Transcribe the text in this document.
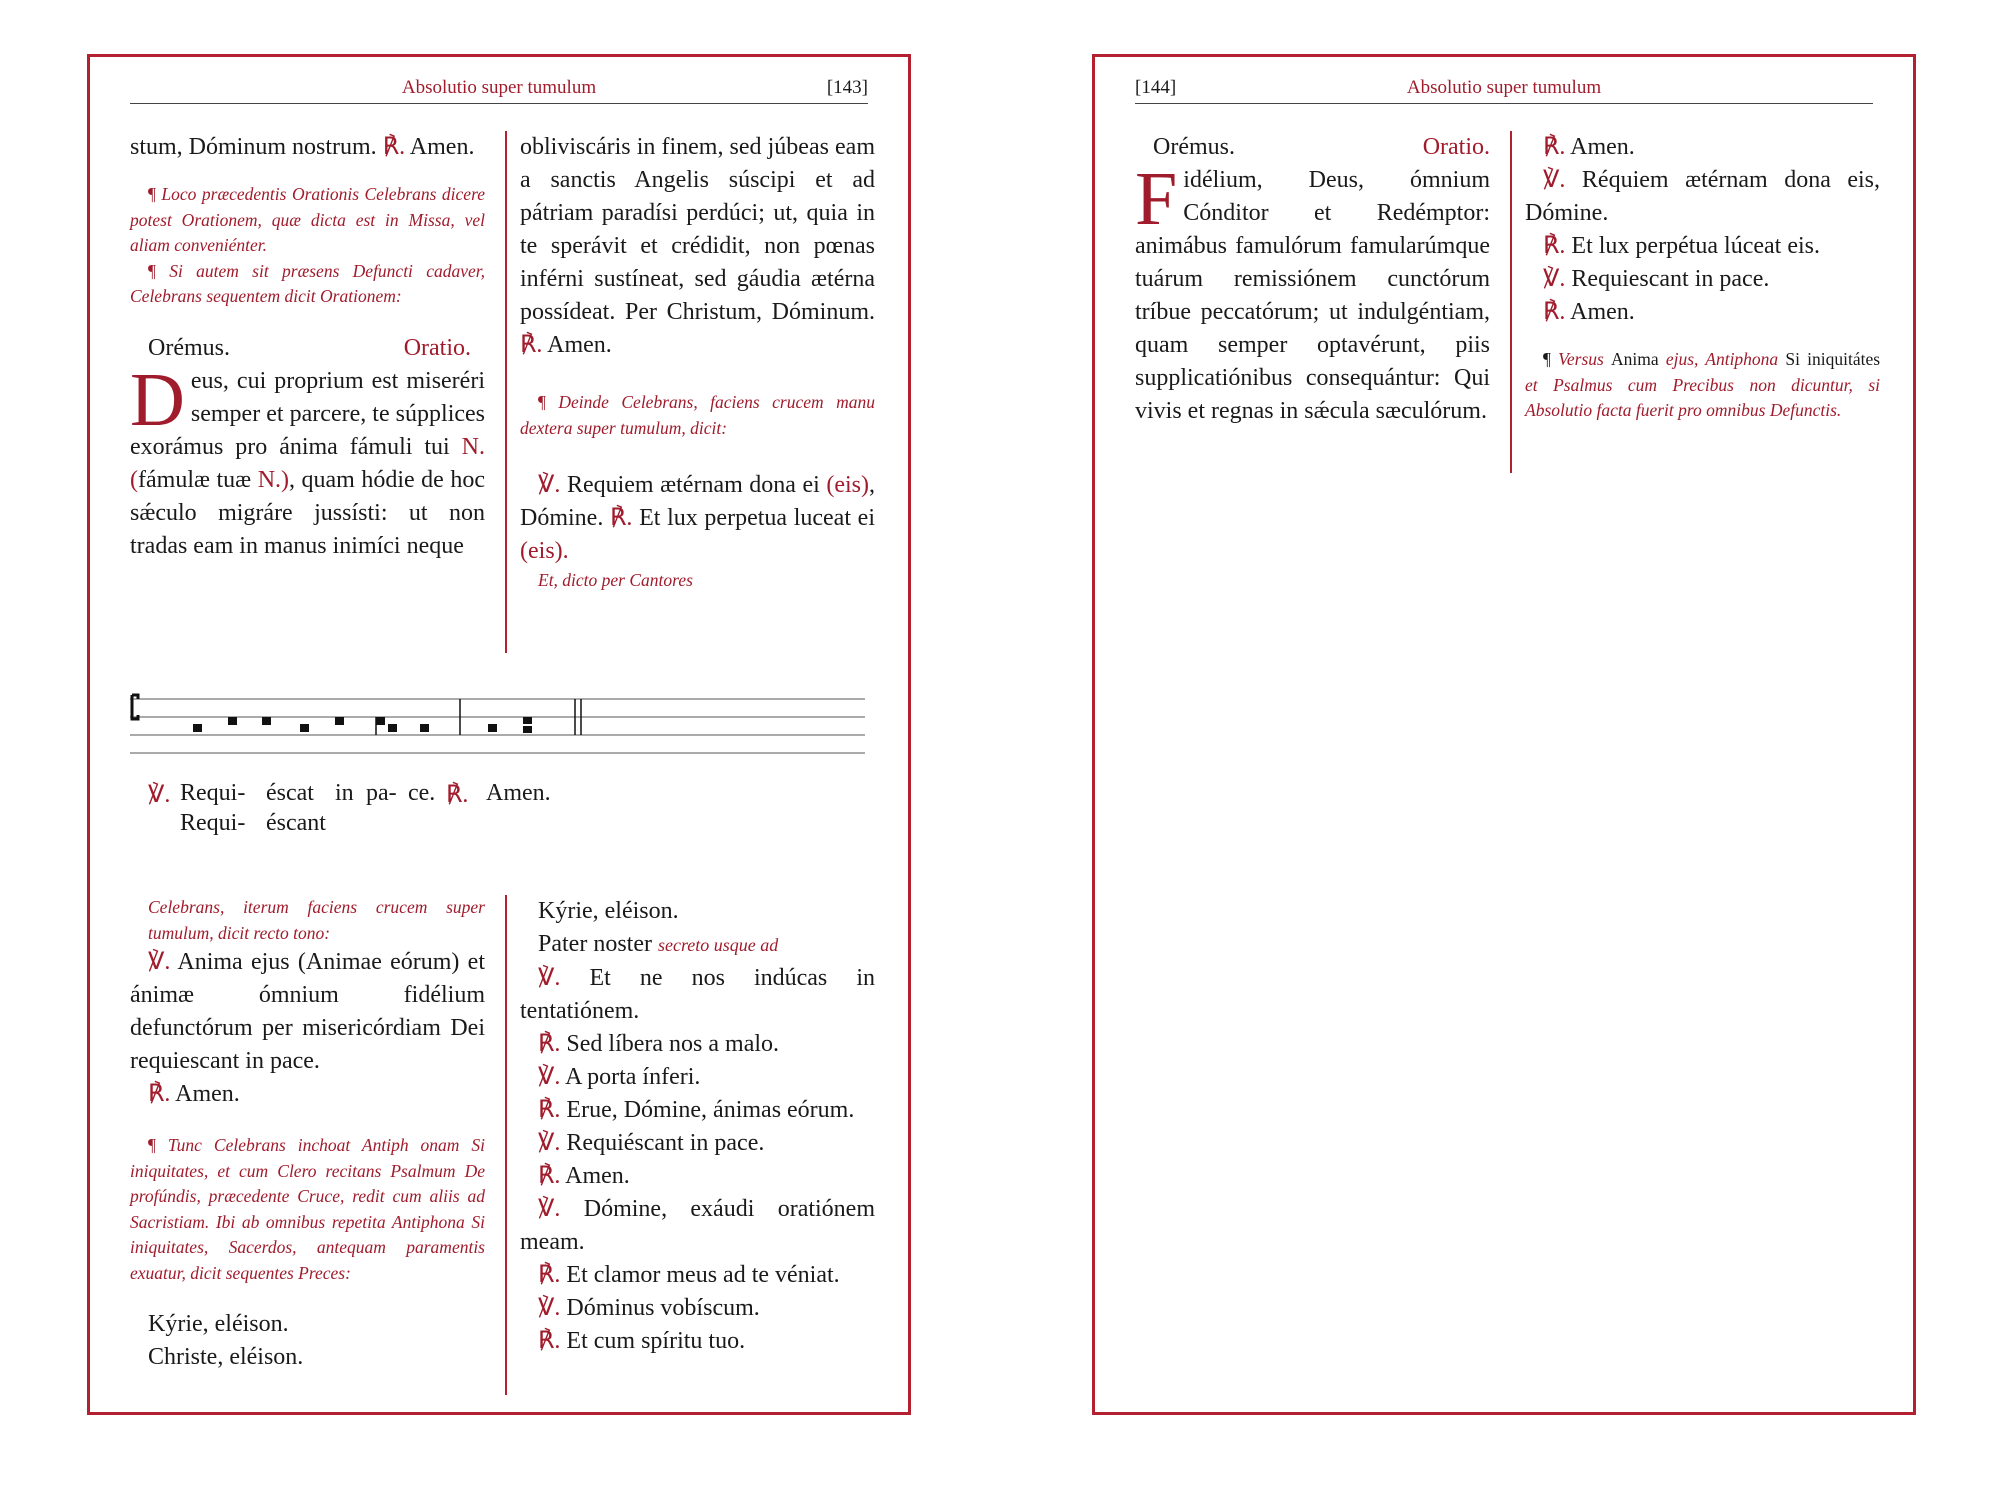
Absolutio super tumulum	[143]
stum, Dóminum nostrum. ℟. Amen.
¶ Loco præcedentis Orationis Celebrans dicere potest Orationem, quæ dicta est in Missa, vel aliam conveniénter.
¶ Si autem sit præsens Defuncti cadaver, Celebrans sequentem dicit Orationem:
Orémus.	Oratio.
Deus, cui proprium est miseréri semper et parcere, te súpplices exorámus pro ánima fámuli tui N. (fámulæ tuæ N.), quam hódie de hoc sǽculo migráre jussísti: ut non tradas eam in manus inimíci neque
obliviscáris in finem, sed júbeas eam a sanctis Angelis súscipi et ad pátriam paradísi perdúci; ut, quia in te sperávit et crédidit, non pœnas inférni sustíneat, sed gáudia ætérna possídeat. Per Christum, Dóminum. ℟. Amen.
¶ Deinde Celebrans, faciens crucem manu dextera super tumulum, dicit:
℣. Requiem ætérnam dona ei (eis), Dómine. ℟. Et lux perpetua luceat ei (eis).
Et, dicto per Cantores
℣. Requi- éscat in pa- ce. ℟. Amen.
Requi- éscant
Celebrans, iterum faciens crucem super tumulum, dicit recto tono:
℣. Anima ejus (Animae eórum) et ánimæ ómnium fidélium defunctórum per misericórdiam Dei requiescant in pace.
℟. Amen.
¶ Tunc Celebrans inchoat Antiph onam Si iniquitates, et cum Clero recitans Psalmum De profúndis, præcedente Cruce, redit cum aliis ad Sacristiam. Ibi ab omnibus repetita Antiphona Si iniquitates, Sacerdos, antequam paramentis exuatur, dicit sequentes Preces:
Kýrie, eléison.
Christe, eléison.
Kýrie, eléison.
Pater noster secreto usque ad
℣. Et ne nos indúcas in tentatiónem.
℟. Sed líbera nos a malo.
℣. A porta ínferi.
℟. Erue, Dómine, ánimas eórum.
℣. Requiéscant in pace.
℟. Amen.
℣. Dómine, exáudi oratiónem meam.
℟. Et clamor meus ad te véniat.
℣. Dóminus vobíscum.
℟. Et cum spíritu tuo.
[144]	Absolutio super tumulum
Orémus.	Oratio.
Fidélium, Deus, ómnium Cónditor et Redémptor: animábus famulórum famularúmque tuárum remissiónem cunctórum tríbue peccatórum; ut indulgéntiam, quam semper optavérunt, piis supplicatiónibus consequántur: Qui vivis et regnas in sǽcula sæculórum.
℟. Amen.
℣. Réquiem ætérnam dona eis, Dómine.
℟. Et lux perpétua lúceat eis.
℣. Requiescant in pace.
℟. Amen.
¶ Versus Anima ejus, Antiphona Si iniquitátes et Psalmus cum Precibus non dicuntur, si Absolutio facta fuerit pro omnibus Defunctis.
